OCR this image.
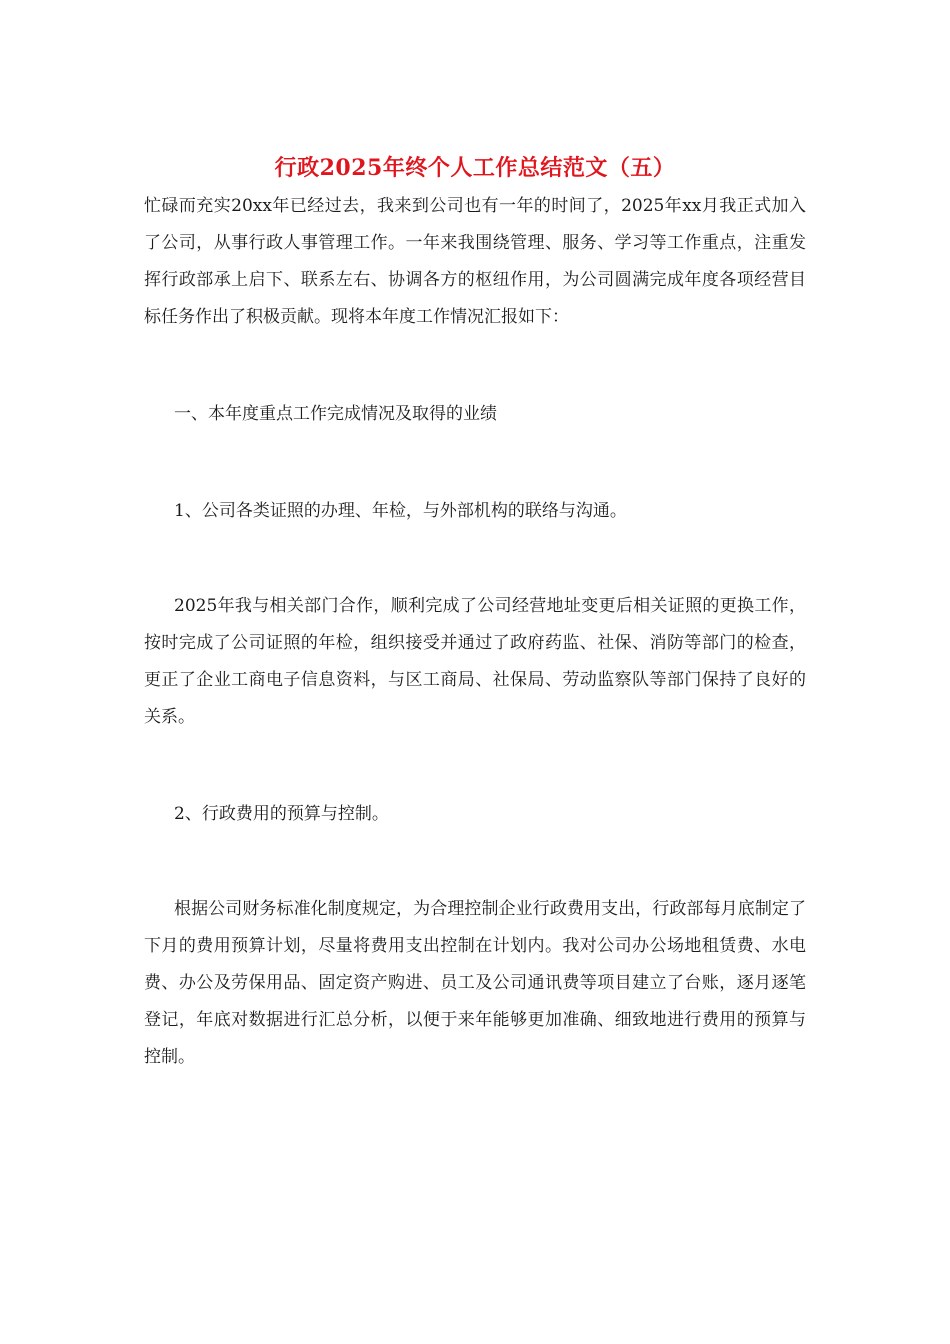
行政2025年终个人工作总结范文（五）

忙碌而充实20xx年已经过去，我来到公司也有一年的时间了，2025年xx月我正式加入了公司，从事行政人事管理工作。一年来我围绕管理、服务、学习等工作重点，注重发挥行政部承上启下、联系左右、协调各方的枢纽作用，为公司圆满完成年度各项经营目标任务作出了积极贡献。现将本年度工作情况汇报如下：

一、本年度重点工作完成情况及取得的业绩

1、公司各类证照的办理、年检，与外部机构的联络与沟通。

2025年我与相关部门合作，顺利完成了公司经营地址变更后相关证照的更换工作，按时完成了公司证照的年检，组织接受并通过了政府药监、社保、消防等部门的检查，更正了企业工商电子信息资料，与区工商局、社保局、劳动监察队等部门保持了良好的关系。

2、行政费用的预算与控制。

根据公司财务标准化制度规定，为合理控制企业行政费用支出，行政部每月底制定了下月的费用预算计划，尽量将费用支出控制在计划内。我对公司办公场地租赁费、水电费、办公及劳保用品、固定资产购进、员工及公司通讯费等项目建立了台账，逐月逐笔登记，年底对数据进行汇总分析，以便于来年能够更加准确、细致地进行费用的预算与控制。
